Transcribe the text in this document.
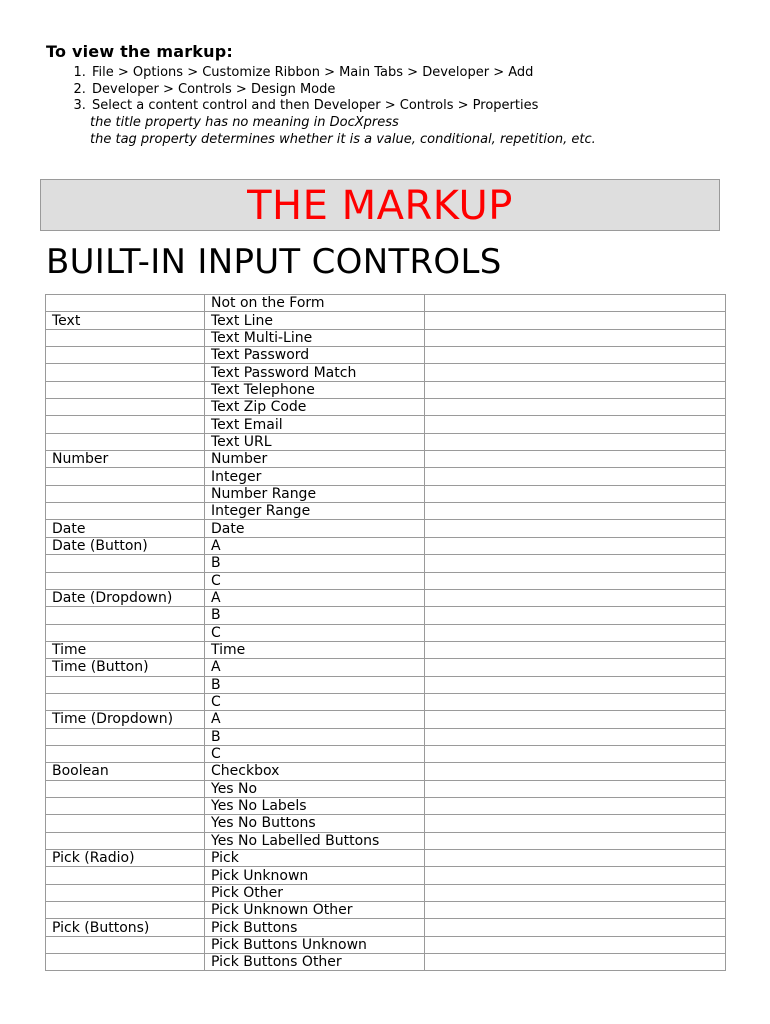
To view the markup:
1. File > Options > Customize Ribbon > Main Tabs > Developer > Add
2. Developer > Controls > Design Mode
3. Select a content control and then Developer > Controls > Properties
the title property has no meaning in DocXpress
the tag property determines whether it is a value, conditional, repetition, etc.
THE MARKUP
BUILT-IN INPUT CONTROLS
	Not on the Form	
Text	Text Line	
	Text Multi-Line	
	Text Password	
	Text Password Match	
	Text Telephone	
	Text Zip Code	
	Text Email	
	Text URL	
Number	Number	
	Integer	
	Number Range	
	Integer Range	
Date	Date	
Date (Button)	A	
	B	
	C	
Date (Dropdown)	A	
	B	
	C	
Time	Time	
Time (Button)	A	
	B	
	C	
Time (Dropdown)	A	
	B	
	C	
Boolean	Checkbox	
	Yes No	
	Yes No Labels	
	Yes No Buttons	
	Yes No Labelled Buttons	
Pick (Radio)	Pick	
	Pick Unknown	
	Pick Other	
	Pick Unknown Other	
Pick (Buttons)	Pick Buttons	
	Pick Buttons Unknown	
	Pick Buttons Other	
